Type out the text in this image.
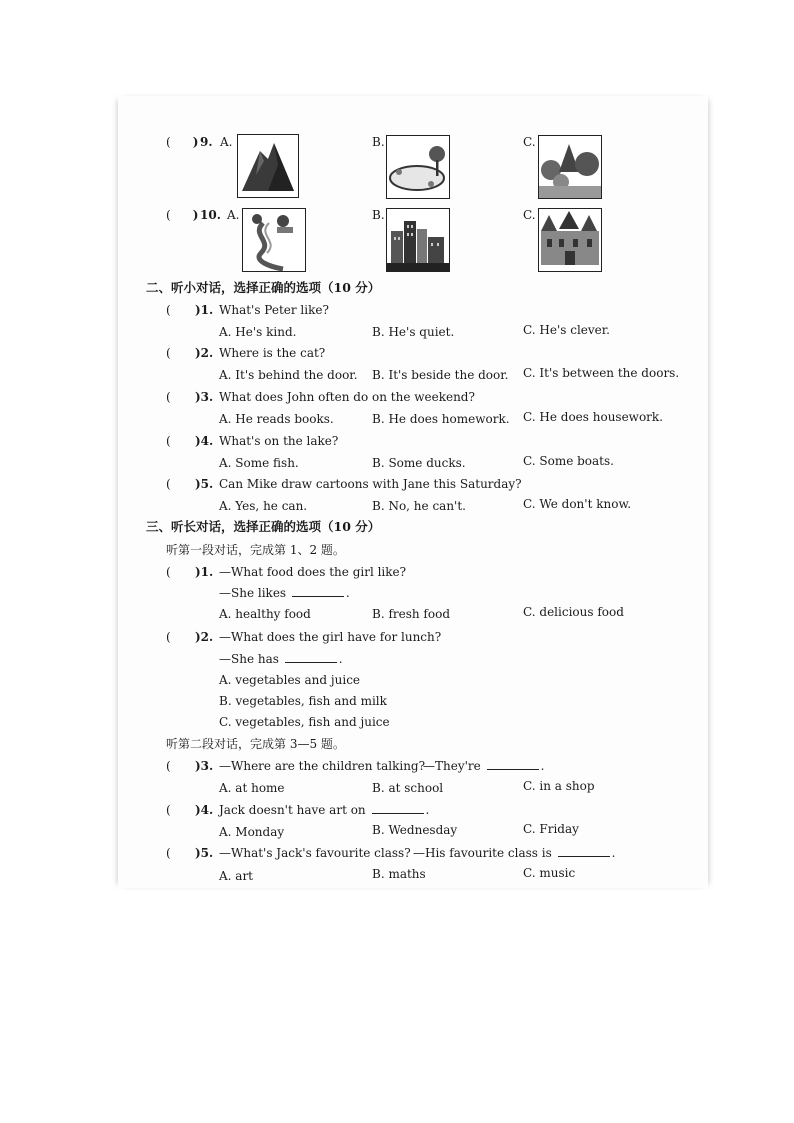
( ) 9. A.	B.	C.
( ) 10. A.	B.	C.
二、听小对话，选择正确的选项（10 分）
( )1. What's Peter like?
A. He's kind.	B. He's quiet.	C. He's clever.
( )2. Where is the cat?
A. It's behind the door. B. It's beside the door. C. It's between the doors.
( )3. What does John often do on the weekend?
A. He reads books.	B. He does homework. C. He does housework.
( )4. What's on the lake?
A. Some fish.	B. Some ducks.	C. Some boats.
( )5. Can Mike draw cartoons with Jane this Saturday?
A. Yes, he can.	B. No, he can't.	C. We don't know.
三、听长对话，选择正确的选项（10 分）
听第一段对话，完成第 1、2 题。
( )1. —What food does the girl like?
—She likes	.
A. healthy food	B. fresh food	C. delicious food
( )2. —What does the girl have for lunch?
—She has	.
A. vegetables and juice
B. vegetables, fish and milk
C. vegetables, fish and juice
听第二段对话，完成第 3—5 题。
( )3. —Where are the children talking?
—They're	.
A. at home	B. at school	C. in a shop
( )4. Jack doesn't have art on	.
A. Monday	B. Wednesday	C. Friday
( )5. —What's Jack's favourite class? —His favourite class is	.
A. art	B. maths	C. music
